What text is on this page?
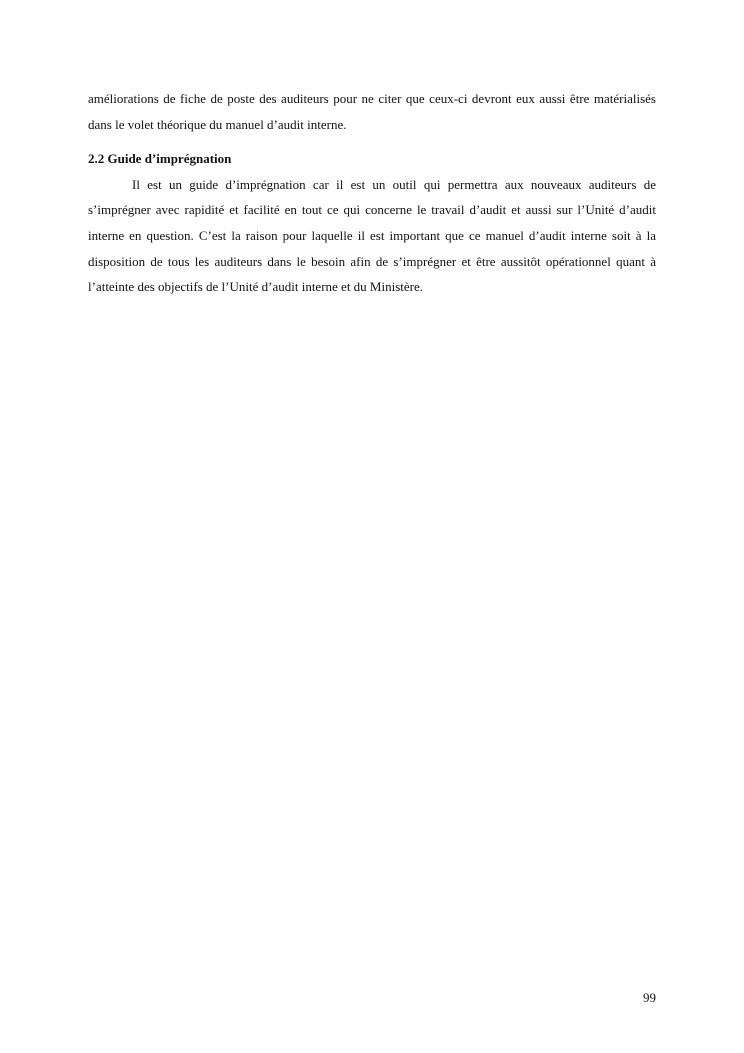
améliorations de fiche de poste des auditeurs pour ne citer que ceux-ci devront eux aussi être matérialisés dans le volet théorique du manuel d’audit interne.

2.2 Guide d’imprégnation

Il est un guide d’imprégnation car il est un outil qui permettra aux nouveaux auditeurs de s’imprégner avec rapidité et facilité en tout ce qui concerne le travail d’audit et aussi sur l’Unité d’audit interne en question. C’est la raison pour laquelle il est important que ce manuel d’audit interne soit à la disposition de tous les auditeurs dans le besoin afin de s’imprégner et être aussitôt opérationnel quant à l’atteinte des objectifs de l’Unité d’audit interne et du Ministère.

99
